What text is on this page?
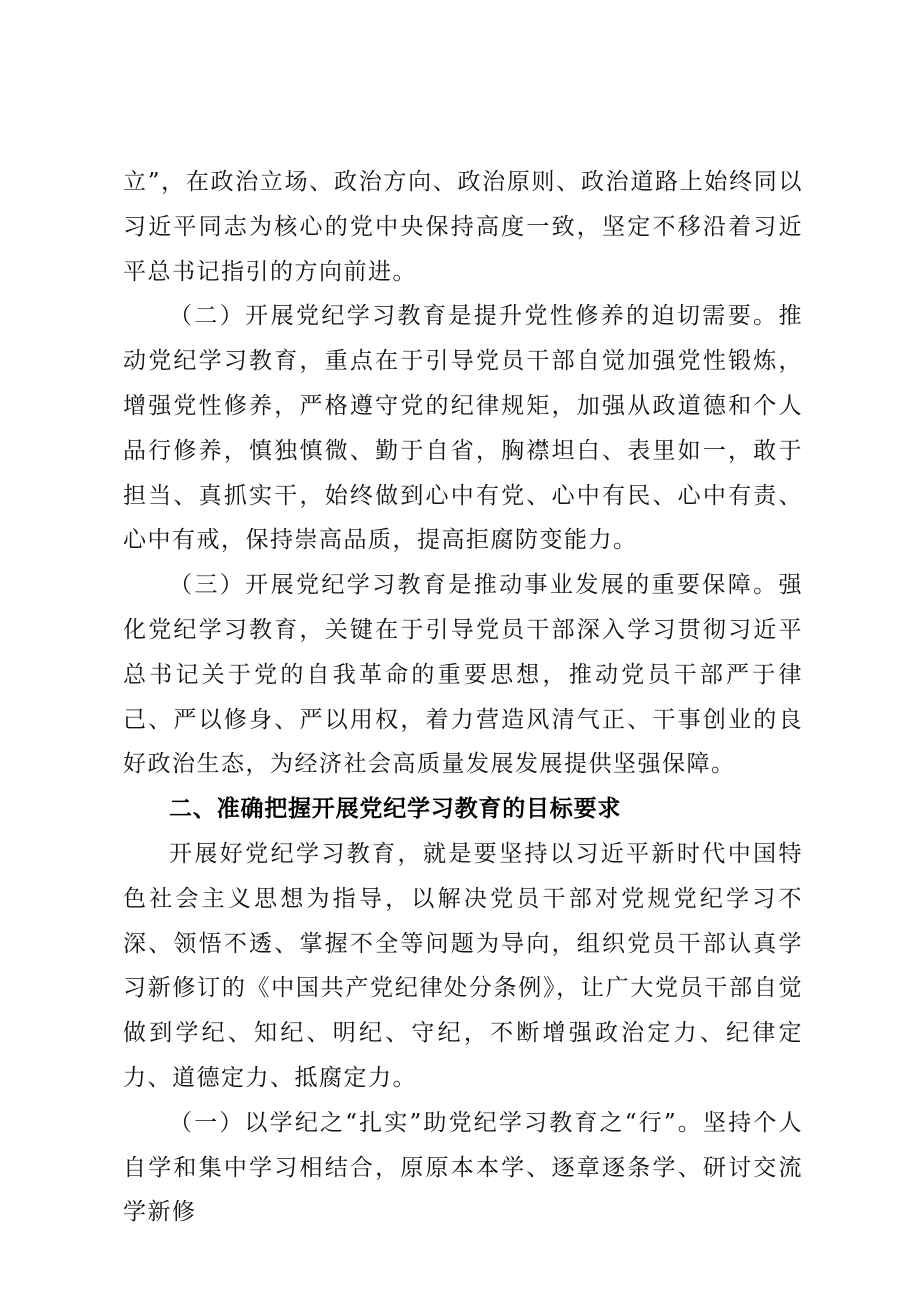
立”，在政治立场、政治方向、政治原则、政治道路上始终同以习近平同志为核心的党中央保持高度一致，坚定不移沿着习近平总书记指引的方向前进。

（二）开展党纪学习教育是提升党性修养的迫切需要。推动党纪学习教育，重点在于引导党员干部自觉加强党性锻炼，增强党性修养，严格遵守党的纪律规矩，加强从政道德和个人品行修养，慎独慎微、勤于自省，胸襟坦白、表里如一，敢于担当、真抓实干，始终做到心中有党、心中有民、心中有责、心中有戒，保持崇高品质，提高拒腐防变能力。

（三）开展党纪学习教育是推动事业发展的重要保障。强化党纪学习教育，关键在于引导党员干部深入学习贯彻习近平总书记关于党的自我革命的重要思想，推动党员干部严于律己、严以修身、严以用权，着力营造风清气正、干事创业的良好政治生态，为经济社会高质量发展发展提供坚强保障。

二、准确把握开展党纪学习教育的目标要求

开展好党纪学习教育，就是要坚持以习近平新时代中国特色社会主义思想为指导，以解决党员干部对党规党纪学习不深、领悟不透、掌握不全等问题为导向，组织党员干部认真学习新修订的《中国共产党纪律处分条例》，让广大党员干部自觉做到学纪、知纪、明纪、守纪，不断增强政治定力、纪律定力、道德定力、抵腐定力。

（一）以学纪之“扎实”助党纪学习教育之“行”。坚持个人自学和集中学习相结合，原原本本学、逐章逐条学、研讨交流学新修
